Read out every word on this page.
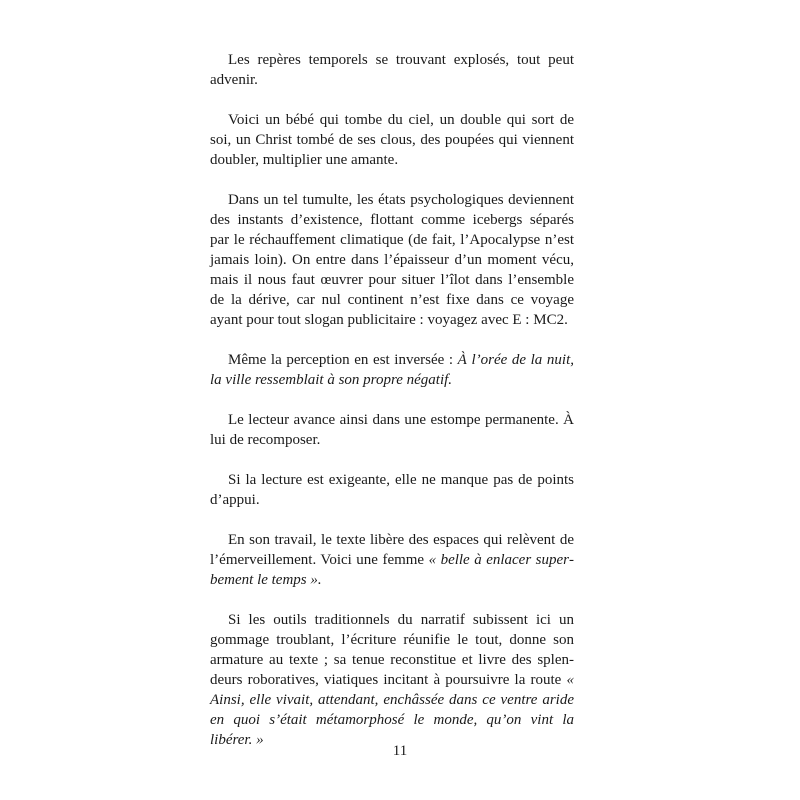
Les repères temporels se trouvant explosés, tout peut advenir.

Voici un bébé qui tombe du ciel, un double qui sort de soi, un Christ tombé de ses clous, des poupées qui viennent doubler, multiplier une amante.

Dans un tel tumulte, les états psychologiques deviennent des instants d’existence, flottant comme icebergs séparés par le réchauffement climatique (de fait, l’Apocalypse n’est jamais loin). On entre dans l’épaisseur d’un moment vécu, mais il nous faut œuvrer pour situer l’îlot dans l’ensemble de la dérive, car nul continent n’est fixe dans ce voyage ayant pour tout slogan publicitaire : voyagez avec E : MC2.

Même la perception en est inversée : À l’orée de la nuit, la ville ressemblait à son propre négatif.

Le lecteur avance ainsi dans une estompe permanente. À lui de recomposer.

Si la lecture est exigeante, elle ne manque pas de points d’appui.

En son travail, le texte libère des espaces qui relèvent de l’émerveillement. Voici une femme « belle à enlacer superbement le temps ».

Si les outils traditionnels du narratif subissent ici un gommage troublant, l’écriture réunifie le tout, donne son armature au texte ; sa tenue reconstitue et livre des splendeurs roboratives, viatiques incitant à poursuivre la route « Ainsi, elle vivait, attendant, enchâssée dans ce ventre aride en quoi s’était métamorphosé le monde, qu’on vint la libérer. »

11
